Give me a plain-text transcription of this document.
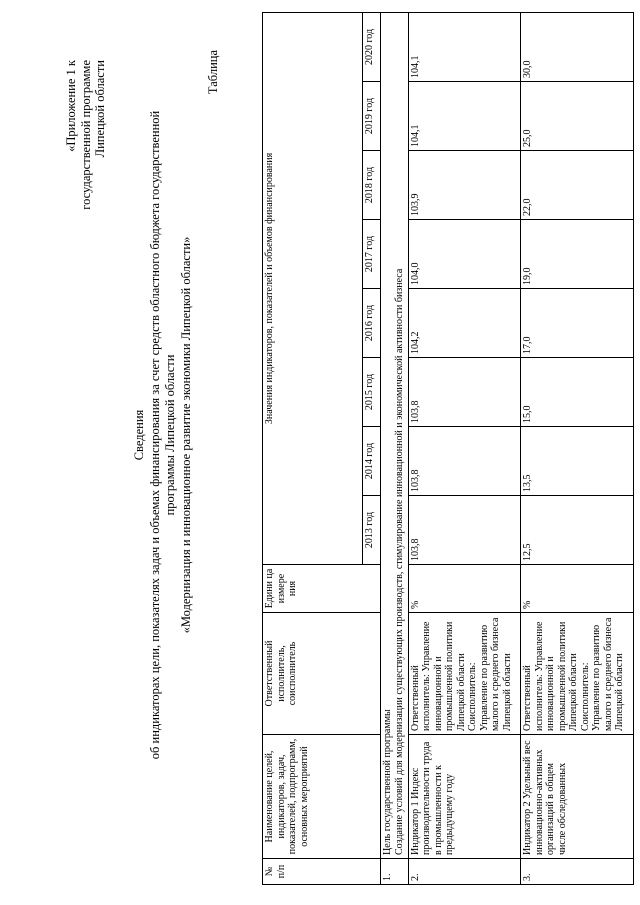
«Приложение 1 к государственной программе Липецкой области	Таблица
Сведения об индикаторах цели, показателях задач и объемах финансирования за счет средств областного бюджета государственной программы Липецкой области «Модернизация и инновационное развитие экономики Липецкой области»
№ п/п	Наименование целей, индикаторов, задач, показателей, подпрограмм, основных мероприятий	Ответственный исполнитель, соисполнитель	Едини ца измере ния	Значения индикаторов, показателей и объемов финансирования							
				2013 год	2014 год	2015 год	2016 год	2017 год	2018 год	2019 год	2020 год
1.	Цель государственной программы Создание условий для модернизации существующих производств, стимулирование инновационной и экономической активности бизнеса										

2.	Индикатор 1 Индекс производительности труда в промышленности к предыдущему году	Ответственный исполнитель: Управление инновационной и промышленной политики Липецкой области Соисполнитель: Управление по развитию малого и среднего бизнеса Липецкой области	%	103,8	103,8	103,8	104,2	104,0	103,9	104,1	104,1
3.	Индикатор 2 Удельный вес инновационно-активных организаций в общем числе обследованных	Ответственный исполнитель: Управление инновационной и промышленной политики Липецкой области Соисполнитель: Управление по развитию малого и среднего бизнеса Липецкой области	%	12,5	13,5	15,0	17,0	19,0	22,0	25,0	30,0
